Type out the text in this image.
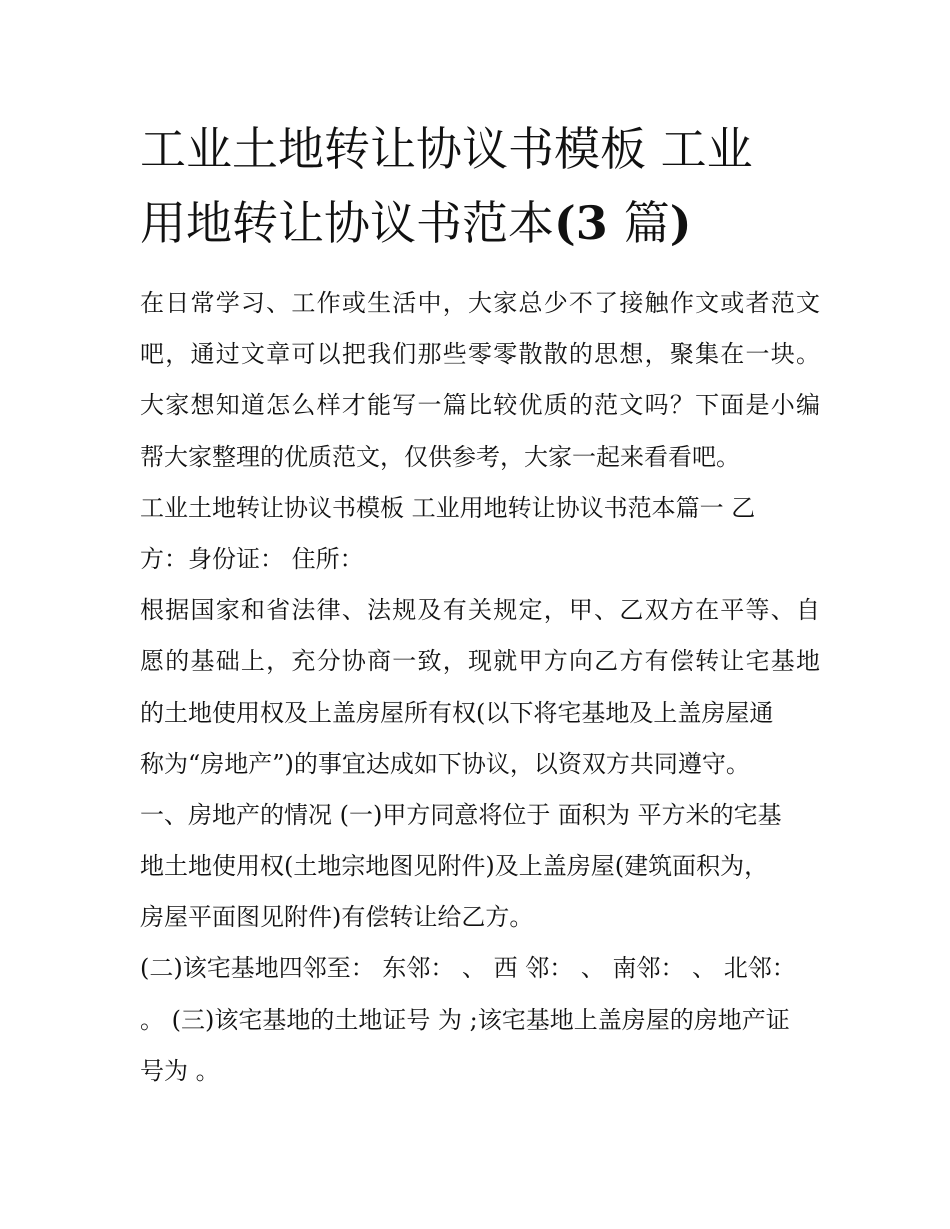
工业土地转让协议书模板 工业
用地转让协议书范本(3 篇)
在日常学习、工作或生活中，大家总少不了接触作文或者范文
吧，通过文章可以把我们那些零零散散的思想，聚集在一块。
大家想知道怎么样才能写一篇比较优质的范文吗？下面是小编
帮大家整理的优质范文，仅供参考，大家一起来看看吧。
工业土地转让协议书模板 工业用地转让协议书范本篇一 乙
方：身份证： 住所：
根据国家和省法律、法规及有关规定，甲、乙双方在平等、自
愿的基础上，充分协商一致，现就甲方向乙方有偿转让宅基地
的土地使用权及上盖房屋所有权(以下将宅基地及上盖房屋通
称为“房地产”)的事宜达成如下协议，以资双方共同遵守。
一、房地产的情况 (一)甲方同意将位于 面积为 平方米的宅基
地土地使用权(土地宗地图见附件)及上盖房屋(建筑面积为，
房屋平面图见附件)有偿转让给乙方。
(二)该宅基地四邻至： 东邻： 、 西 邻： 、 南邻： 、 北邻：
。 (三)该宅基地的土地证号 为 ;该宅基地上盖房屋的房地产证
号为 。
